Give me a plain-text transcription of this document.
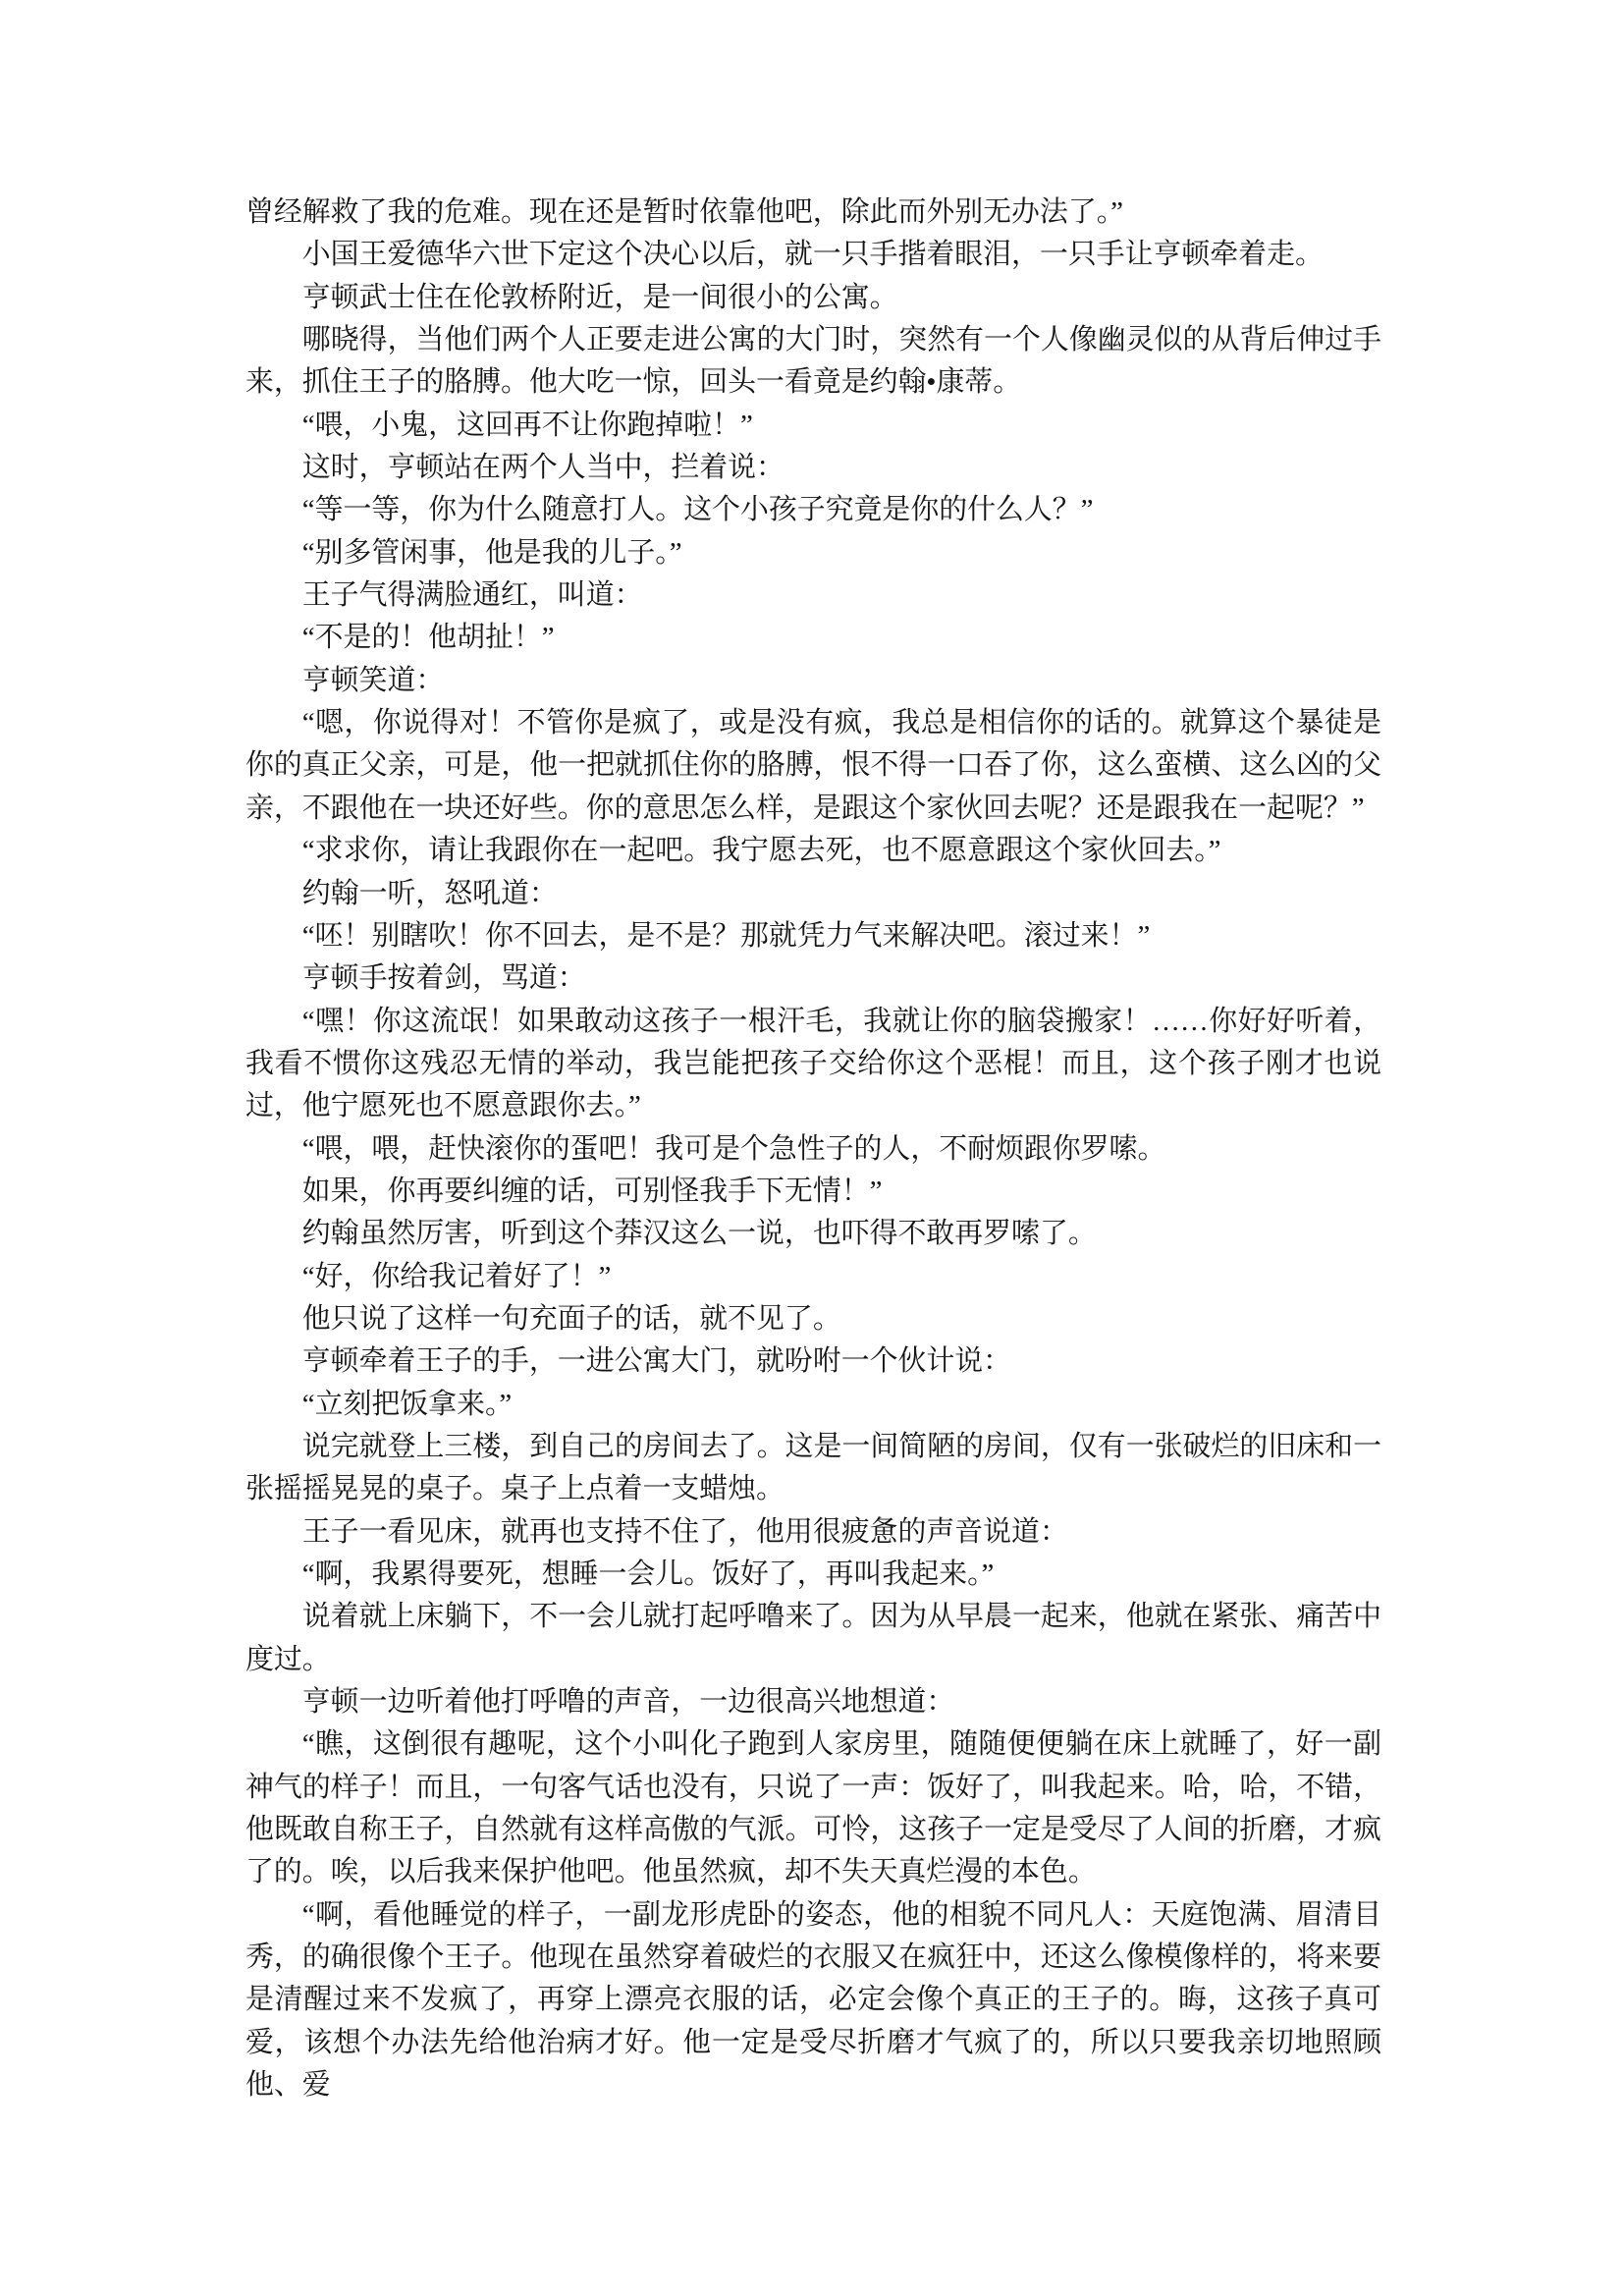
曾经解救了我的危难。现在还是暂时依靠他吧，除此而外别无办法了。”

小国王爱德华六世下定这个决心以后，就一只手揩着眼泪，一只手让亨顿牵着走。

亨顿武士住在伦敦桥附近，是一间很小的公寓。

哪晓得，当他们两个人正要走进公寓的大门时，突然有一个人像幽灵似的从背后伸过手来，抓住王子的胳膊。他大吃一惊，回头一看竟是约翰•康蒂。

“喂，小鬼，这回再不让你跑掉啦！”

这时，亨顿站在两个人当中，拦着说：

“等一等，你为什么随意打人。这个小孩子究竟是你的什么人？”

“别多管闲事，他是我的儿子。”

王子气得满脸通红，叫道：

“不是的！他胡扯！”

亨顿笑道：

“嗯，你说得对！不管你是疯了，或是没有疯，我总是相信你的话的。就算这个暴徒是你的真正父亲，可是，他一把就抓住你的胳膊，恨不得一口吞了你，这么蛮横、这么凶的父亲，不跟他在一块还好些。你的意思怎么样，是跟这个家伙回去呢？还是跟我在一起呢？”

“求求你，请让我跟你在一起吧。我宁愿去死，也不愿意跟这个家伙回去。”

约翰一听，怒吼道：

“呸！别瞎吹！你不回去，是不是？那就凭力气来解决吧。滚过来！”

亨顿手按着剑，骂道：

“嘿！你这流氓！如果敢动这孩子一根汗毛，我就让你的脑袋搬家！……你好好听着，我看不惯你这残忍无情的举动，我岂能把孩子交给你这个恶棍！而且，这个孩子刚才也说过，他宁愿死也不愿意跟你去。”

“喂，喂，赶快滚你的蛋吧！我可是个急性子的人，不耐烦跟你罗嗦。

如果，你再要纠缠的话，可别怪我手下无情！”

约翰虽然厉害，听到这个莽汉这么一说，也吓得不敢再罗嗦了。

“好，你给我记着好了！”

他只说了这样一句充面子的话，就不见了。

亨顿牵着王子的手，一进公寓大门，就吩咐一个伙计说：

“立刻把饭拿来。”

说完就登上三楼，到自己的房间去了。这是一间简陋的房间，仅有一张破烂的旧床和一张摇摇晃晃的桌子。桌子上点着一支蜡烛。

王子一看见床，就再也支持不住了，他用很疲惫的声音说道：

“啊，我累得要死，想睡一会儿。饭好了，再叫我起来。”

说着就上床躺下，不一会儿就打起呼噜来了。因为从早晨一起来，他就在紧张、痛苦中度过。

亨顿一边听着他打呼噜的声音，一边很高兴地想道：

“瞧，这倒很有趣呢，这个小叫化子跑到人家房里，随随便便躺在床上就睡了，好一副神气的样子！而且，一句客气话也没有，只说了一声：饭好了，叫我起来。哈，哈，不错，他既敢自称王子，自然就有这样高傲的气派。可怜，这孩子一定是受尽了人间的折磨，才疯了的。唉，以后我来保护他吧。他虽然疯，却不失天真烂漫的本色。

“啊，看他睡觉的样子，一副龙形虎卧的姿态，他的相貌不同凡人：天庭饱满、眉清目秀，的确很像个王子。他现在虽然穿着破烂的衣服又在疯狂中，还这么像模像样的，将来要是清醒过来不发疯了，再穿上漂亮衣服的话，必定会像个真正的王子的。晦，这孩子真可爱，该想个办法先给他治病才好。他一定是受尽折磨才气疯了的，所以只要我亲切地照顾他、爱
